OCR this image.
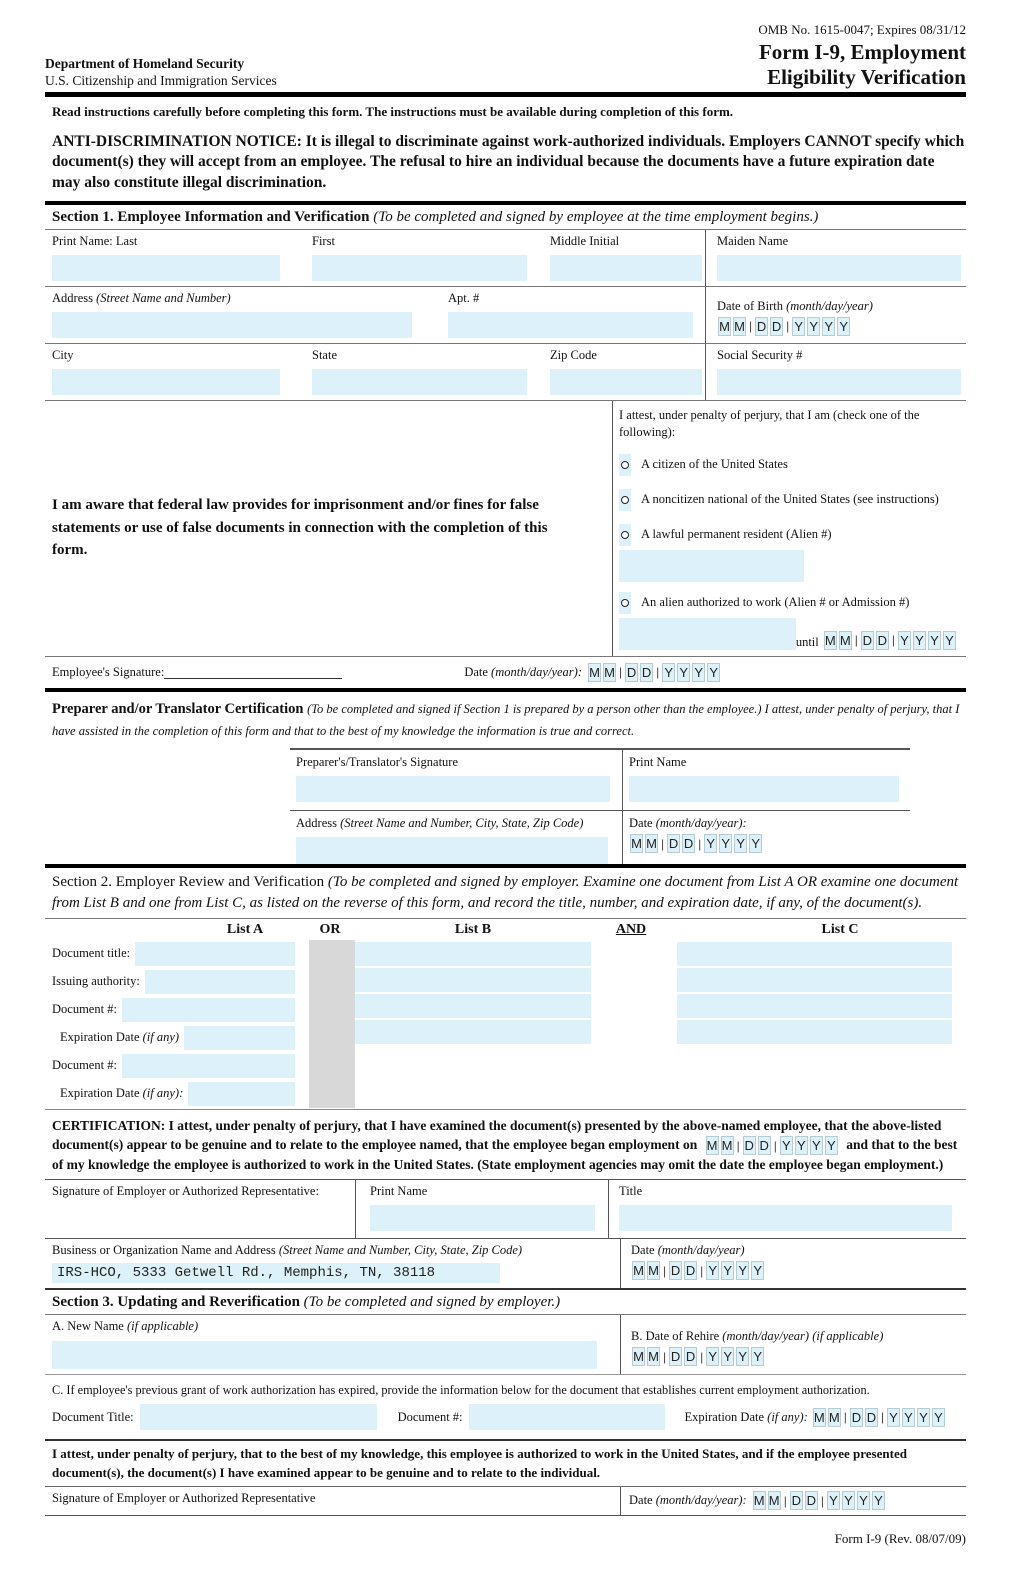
Department of Homeland Security
U.S. Citizenship and Immigration Services
OMB No. 1615-0047; Expires 08/31/12
Form I-9, Employment
Eligibility Verification
Read instructions carefully before completing this form. The instructions must be available during completion of this form.
ANTI-DISCRIMINATION NOTICE: It is illegal to discriminate against work-authorized individuals. Employers CANNOT specify which document(s) they will accept from an employee. The refusal to hire an individual because the documents have a future expiration date may also constitute illegal discrimination.
Section 1. Employee Information and Verification (To be completed and signed by employee at the time employment begins.)
Print Name: Last	First	Middle Initial	Maiden Name
Address (Street Name and Number)	Apt. #
Date of Birth (month/day/year)
M M | D D | Y Y Y Y
City	State	Zip Code	Social Security #
I am aware that federal law provides for imprisonment and/or fines for false statements or use of false documents in connection with the completion of this form.
I attest, under penalty of perjury, that I am (check one of the following):
A citizen of the United States
A noncitizen national of the United States (see instructions)
A lawful permanent resident (Alien #)
An alien authorized to work (Alien # or Admission #)
until M M | D D | Y Y Y Y
Employee's Signature:	Date (month/day/year): M M | D D | Y Y Y Y
Preparer and/or Translator Certification (To be completed and signed if Section 1 is prepared by a person other than the employee.) I attest, under penalty of perjury, that I have assisted in the completion of this form and that to the best of my knowledge the information is true and correct.
Preparer's/Translator's Signature	Print Name
Address (Street Name and Number, City, State, Zip Code)	Date (month/day/year):
M M | D D | Y Y Y Y
Section 2. Employer Review and Verification (To be completed and signed by employer. Examine one document from List A OR examine one document from List B and one from List C, as listed on the reverse of this form, and record the title, number, and expiration date, if any, of the document(s).
List A	OR	List B	AND	List C
Document title:
Issuing authority:
Document #:
Expiration Date (if any)
Document #:
Expiration Date (if any):
CERTIFICATION: I attest, under penalty of perjury, that I have examined the document(s) presented by the above-named employee, that the above-listed document(s) appear to be genuine and to relate to the employee named, that the employee began employment on M M | D D | Y Y Y Y and that to the best of my knowledge the employee is authorized to work in the United States. (State employment agencies may omit the date the employee began employment.)
Signature of Employer or Authorized Representative:	Print Name	Title
Business or Organization Name and Address (Street Name and Number, City, State, Zip Code)
IRS-HCO, 5333 Getwell Rd., Memphis, TN, 38118
Date (month/day/year)
M M | D D | Y Y Y Y
Section 3. Updating and Reverification (To be completed and signed by employer.)
A. New Name (if applicable)
B. Date of Rehire (month/day/year) (if applicable)
M M | D D | Y Y Y Y
C. If employee's previous grant of work authorization has expired, provide the information below for the document that establishes current employment authorization.
Document Title:	Document #:	Expiration Date (if any): M M | D D | Y Y Y Y
I attest, under penalty of perjury, that to the best of my knowledge, this employee is authorized to work in the United States, and if the employee presented document(s), the document(s) I have examined appear to be genuine and to relate to the individual.
Signature of Employer or Authorized Representative	Date (month/day/year): M M | D D | Y Y Y Y
Form I-9 (Rev. 08/07/09)
